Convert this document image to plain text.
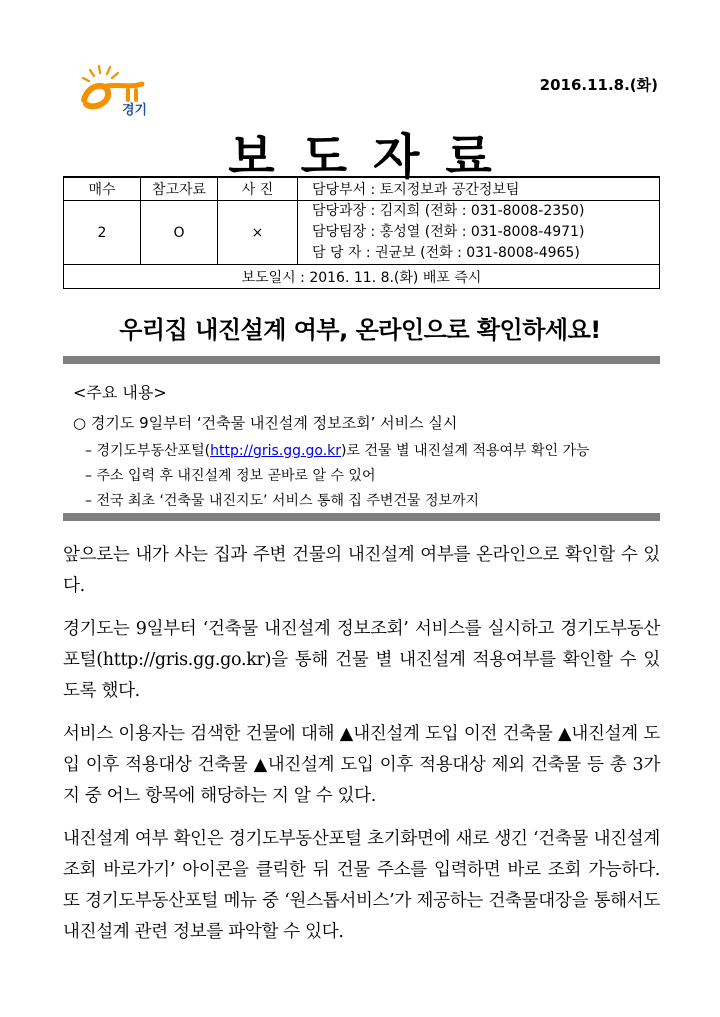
경기
2016.11.8.(화)
보도자료
매수	참고자료	사 진	담당부서 : 토지정보과 공간정보팀
2	O	×	담당과장 : 김지희 (전화 : 031-8008-2350)
담당팀장 : 홍성열 (전화 : 031-8008-4971)
담 당 자 : 권균보 (전화 : 031-8008-4965)

보도일시 : 2016. 11. 8.(화) 배포 즉시			
우리집 내진설계 여부, 온라인으로 확인하세요!
<주요 내용>
○ 경기도 9일부터 ‘건축물 내진설계 정보조회’ 서비스 실시
– 경기도부동산포털(http://gris.gg.go.kr)로 건물 별 내진설계 적용여부 확인 가능
– 주소 입력 후 내진설계 정보 곧바로 알 수 있어
– 전국 최초 ‘건축물 내진지도’ 서비스 통해 집 주변건물 정보까지

앞으로는 내가 사는 집과 주변 건물의 내진설계 여부를 온라인으로 확인할 수 있다.

경기도는 9일부터 ‘건축물 내진설계 정보조회’ 서비스를 실시하고 경기도부동산포털(http://gris.gg.go.kr)을 통해 건물 별 내진설계 적용여부를 확인할 수 있도록 했다.

서비스 이용자는 검색한 건물에 대해 ▲내진설계 도입 이전 건축물 ▲내진설계 도입 이후 적용대상 건축물 ▲내진설계 도입 이후 적용대상 제외 건축물 등 총 3가지 중 어느 항목에 해당하는 지 알 수 있다.

내진설계 여부 확인은 경기도부동산포털 초기화면에 새로 생긴 ‘건축물 내진설계 조회 바로가기’ 아이콘을 클릭한 뒤 건물 주소를 입력하면 바로 조회 가능하다. 또 경기도부동산포털 메뉴 중 ‘원스톱서비스’가 제공하는 건축물대장을 통해서도 내진설계 관련 정보를 파악할 수 있다.
